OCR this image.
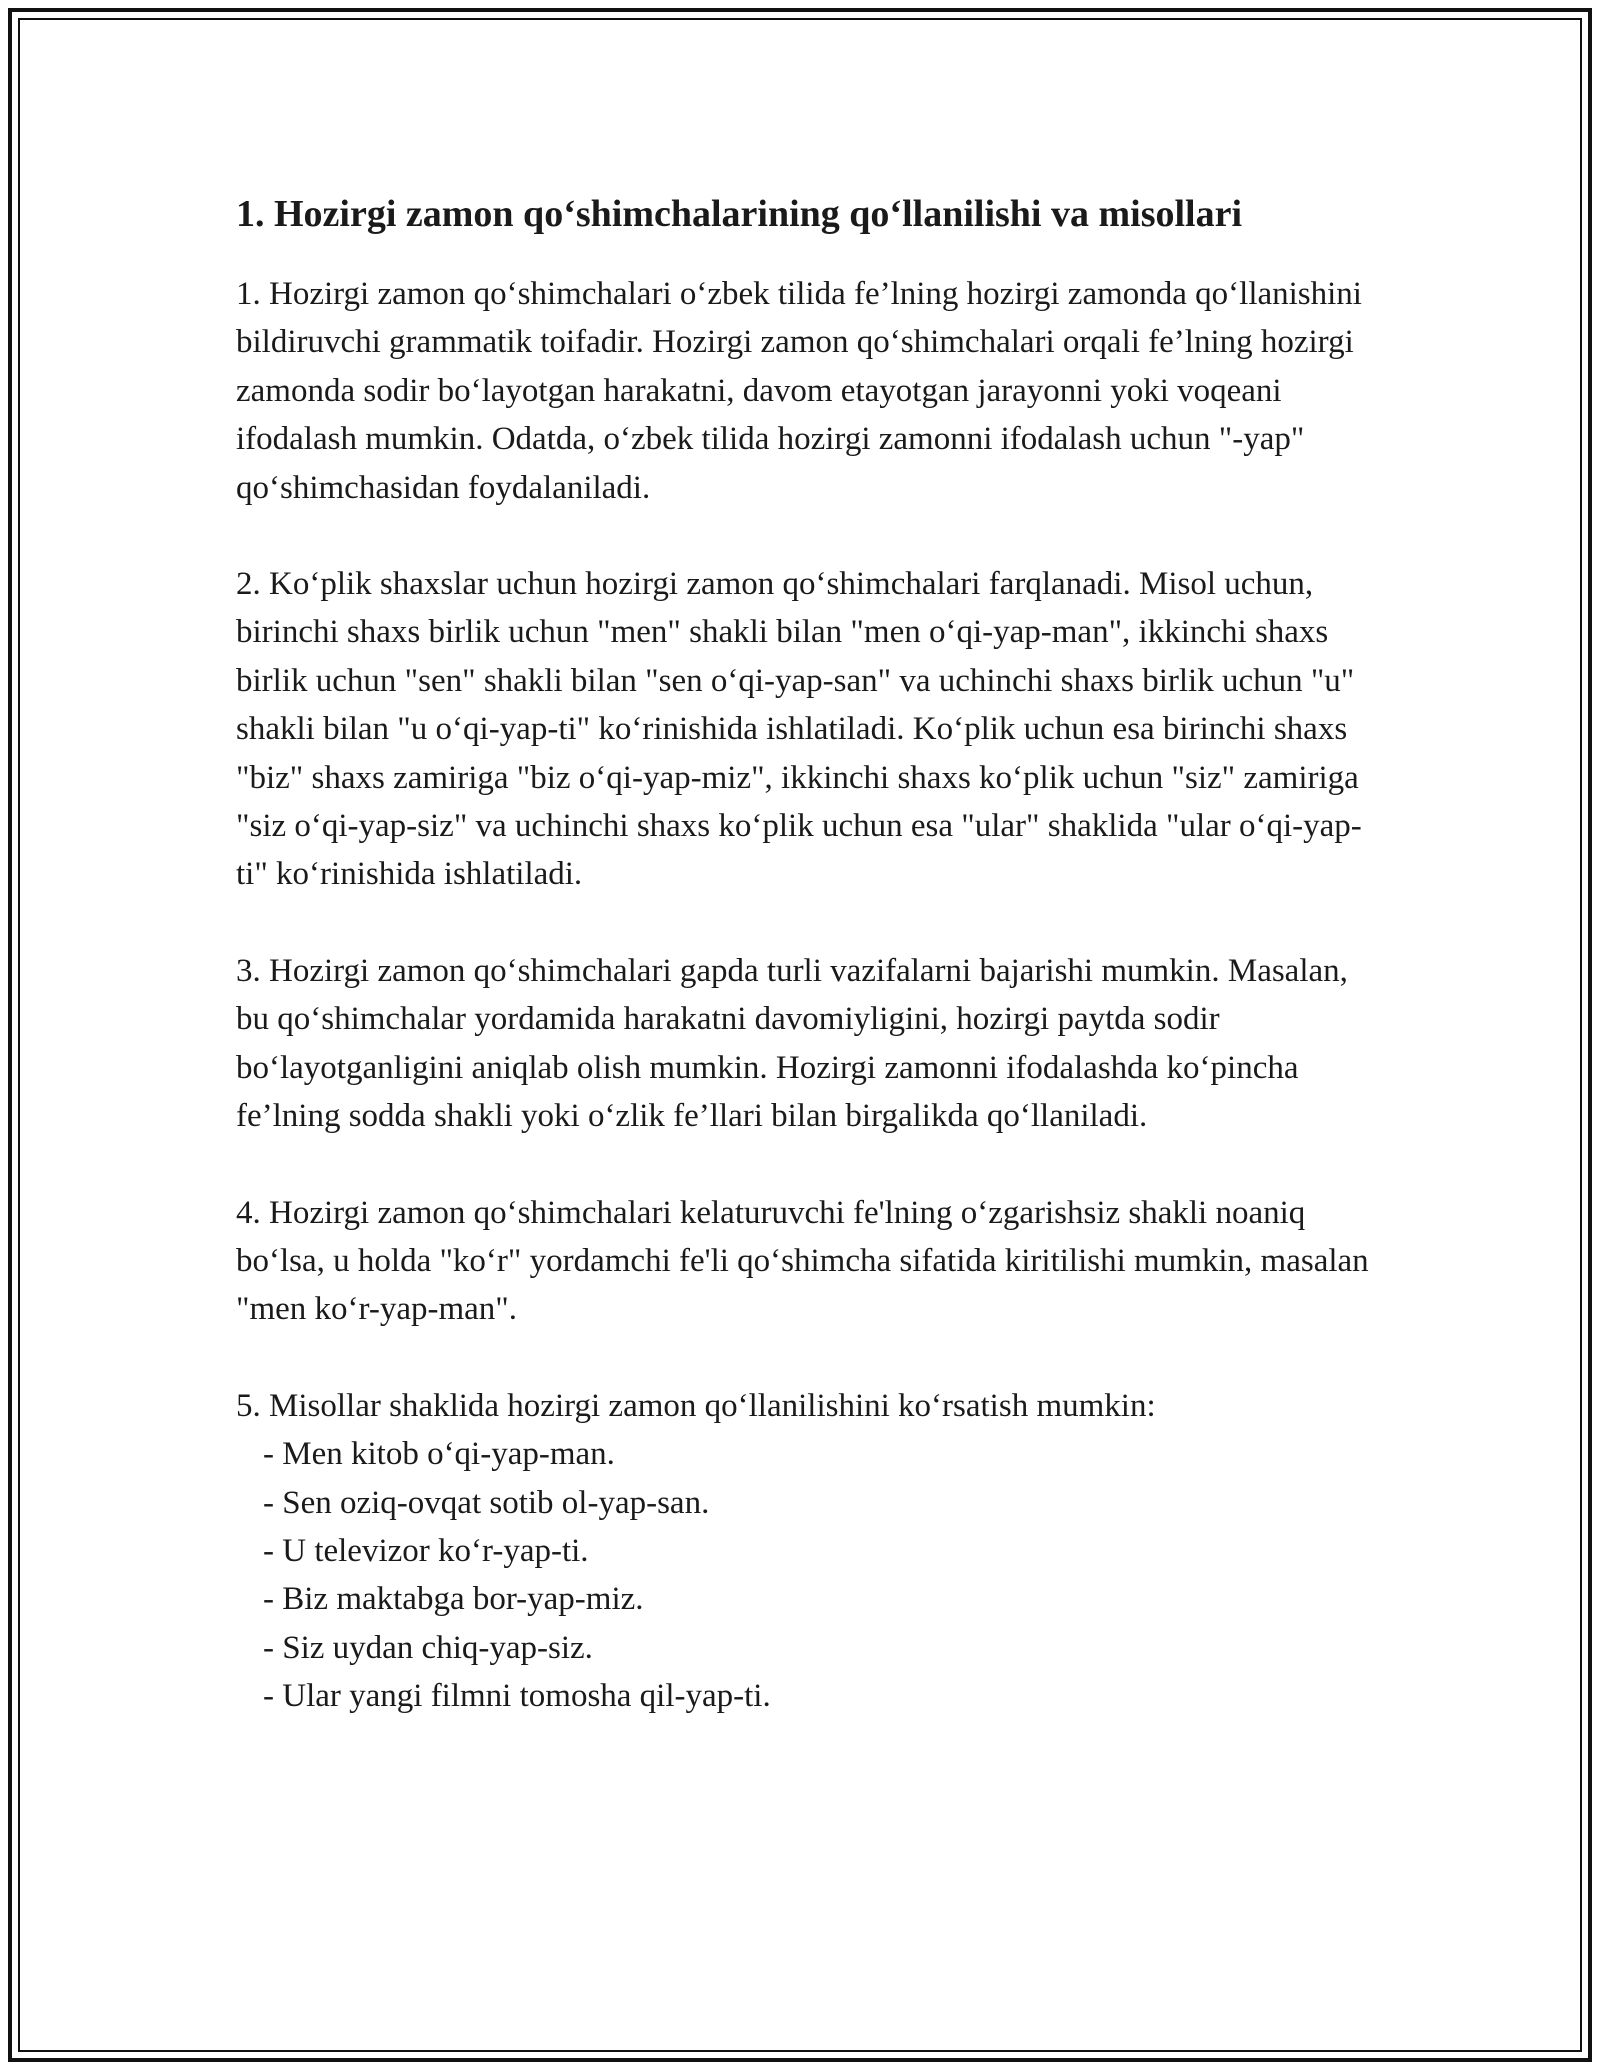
1. Hozirgi zamon qo‘shimchalarining qo‘llanilishi va misollari

1. Hozirgi zamon qo‘shimchalari o‘zbek tilida fe’lning hozirgi zamonda qo‘llanishini bildiruvchi grammatik toifadir. Hozirgi zamon qo‘shimchalari orqali fe’lning hozirgi zamonda sodir bo‘layotgan harakatni, davom etayotgan jarayonni yoki voqeani ifodalash mumkin. Odatda, o‘zbek tilida hozirgi zamonni ifodalash uchun "-yap" qo‘shimchasidan foydalaniladi.

2. Ko‘plik shaxslar uchun hozirgi zamon qo‘shimchalari farqlanadi. Misol uchun, birinchi shaxs birlik uchun "men" shakli bilan "men o‘qi-yap-man", ikkinchi shaxs birlik uchun "sen" shakli bilan "sen o‘qi-yap-san" va uchinchi shaxs birlik uchun "u" shakli bilan "u o‘qi-yap-ti" ko‘rinishida ishlatiladi. Ko‘plik uchun esa birinchi shaxs "biz" shaxs zamiriga "biz o‘qi-yap-miz", ikkinchi shaxs ko‘plik uchun "siz" zamiriga "siz o‘qi-yap-siz" va uchinchi shaxs ko‘plik uchun esa "ular" shaklida "ular o‘qi-yap-ti" ko‘rinishida ishlatiladi.

3. Hozirgi zamon qo‘shimchalari gapda turli vazifalarni bajarishi mumkin. Masalan, bu qo‘shimchalar yordamida harakatni davomiyligini, hozirgi paytda sodir bo‘layotganligini aniqlab olish mumkin. Hozirgi zamonni ifodalashda ko‘pincha fe’lning sodda shakli yoki o‘zlik fe’llari bilan birgalikda qo‘llaniladi.

4. Hozirgi zamon qo‘shimchalari kelaturuvchi fe'lning o‘zgarishsiz shakli noaniq bo‘lsa, u holda "ko‘r" yordamchi fe'li qo‘shimcha sifatida kiritilishi mumkin, masalan "men ko‘r-yap-man".

5. Misollar shaklida hozirgi zamon qo‘llanilishini ko‘rsatish mumkin:

- Men kitob o‘qi-yap-man.
- Sen oziq-ovqat sotib ol-yap-san.
- U televizor ko‘r-yap-ti.
- Biz maktabga bor-yap-miz.
- Siz uydan chiq-yap-siz.
- Ular yangi filmni tomosha qil-yap-ti.
